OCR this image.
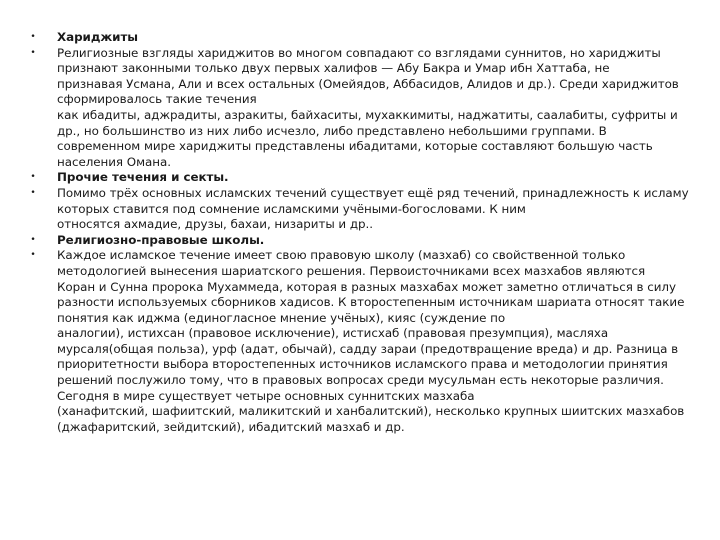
•	Хариджиты
•	Религиозные взгляды хариджитов во многом совпадают со взглядами суннитов, но хариджиты
признают законными только двух первых халифов — Абу Бакра и Умар ибн Хаттаба, не
признавая Усмана, Али и всех остальных (Омейядов, Аббасидов, Алидов и др.). Среди хариджитов
сформировалось такие течения
как ибадиты, аджрадиты, азракиты, байхаситы, мухаккимиты, наджатиты, саалабиты, суфриты и
др., но большинство из них либо исчезло, либо представлено небольшими группами. В
современном мире хариджиты представлены ибадитами, которые составляют большую часть
населения Омана.
•	Прочие течения и секты.
•	Помимо трёх основных исламских течений существует ещё ряд течений, принадлежность к исламу
которых ставится под сомнение исламскими учёными-богословами. К ним
относятся ахмадие, друзы, бахаи, низариты и др..
•	Религиозно-правовые школы.
•	Каждое исламское течение имеет свою правовую школу (мазхаб) со свойственной только
методологией вынесения шариатского решения. Первоисточниками всех мазхабов являются
Коран и Сунна пророка Мухаммеда, которая в разных мазхабах может заметно отличаться в силу
разности используемых сборников хадисов. К второстепенным источникам шариата относят такие
понятия как иджма (единогласное мнение учёных), кияс (суждение по
аналогии), истихсан (правовое исключение), истисхаб (правовая презумпция), масляха
мурсаля(общая польза), урф (адат, обычай), садду зараи (предотвращение вреда) и др. Разница в
приоритетности выбора второстепенных источников исламского права и методологии принятия
решений послужило тому, что в правовых вопросах среди мусульман есть некоторые различия.
Сегодня в мире существует четыре основных суннитских мазхаба
(ханафитский, шафиитский, маликитский и ханбалитский), несколько крупных шиитских мазхабов
(джафаритский, зейдитский), ибадитский мазхаб и др.
